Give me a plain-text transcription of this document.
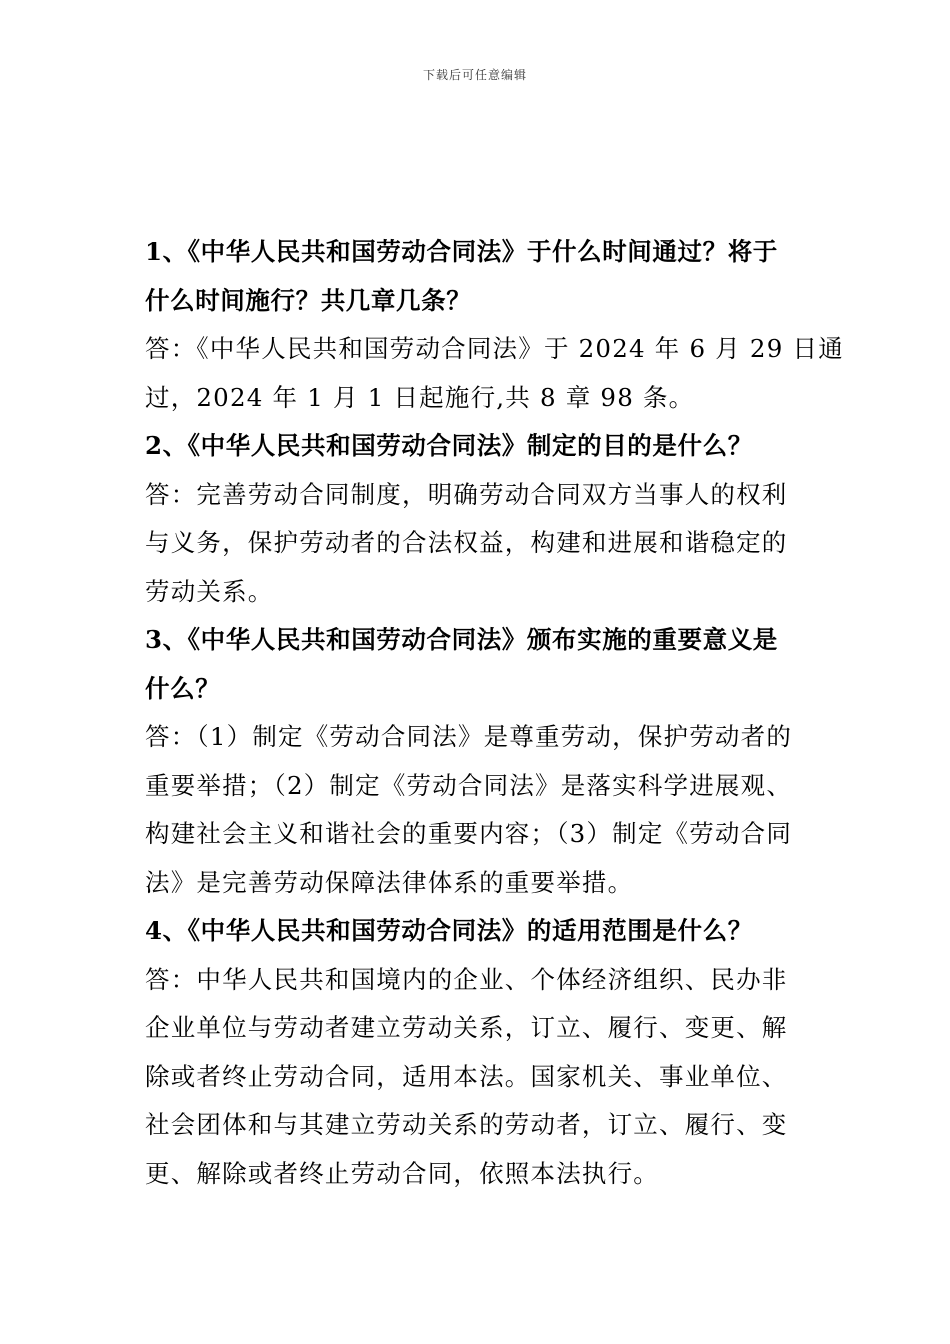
下载后可任意编辑
1、《中华人民共和国劳动合同法》于什么时间通过？将于
什么时间施行？共几章几条？
答：《中华人民共和国劳动合同法》于 2024 年 6 月 29 日通
过，2024 年 1 月 1 日起施行,共 8 章 98 条。
2、《中华人民共和国劳动合同法》制定的目的是什么？
答：完善劳动合同制度，明确劳动合同双方当事人的权利
与义务，保护劳动者的合法权益，构建和进展和谐稳定的
劳动关系。
3、《中华人民共和国劳动合同法》颁布实施的重要意义是
什么？
答：（1）制定《劳动合同法》是尊重劳动，保护劳动者的
重要举措；（2）制定《劳动合同法》是落实科学进展观、
构建社会主义和谐社会的重要内容；（3）制定《劳动合同
法》是完善劳动保障法律体系的重要举措。
4、《中华人民共和国劳动合同法》的适用范围是什么？
答：中华人民共和国境内的企业、个体经济组织、民办非
企业单位与劳动者建立劳动关系，订立、履行、变更、解
除或者终止劳动合同，适用本法。国家机关、事业单位、
社会团体和与其建立劳动关系的劳动者，订立、履行、变
更、解除或者终止劳动合同，依照本法执行。
